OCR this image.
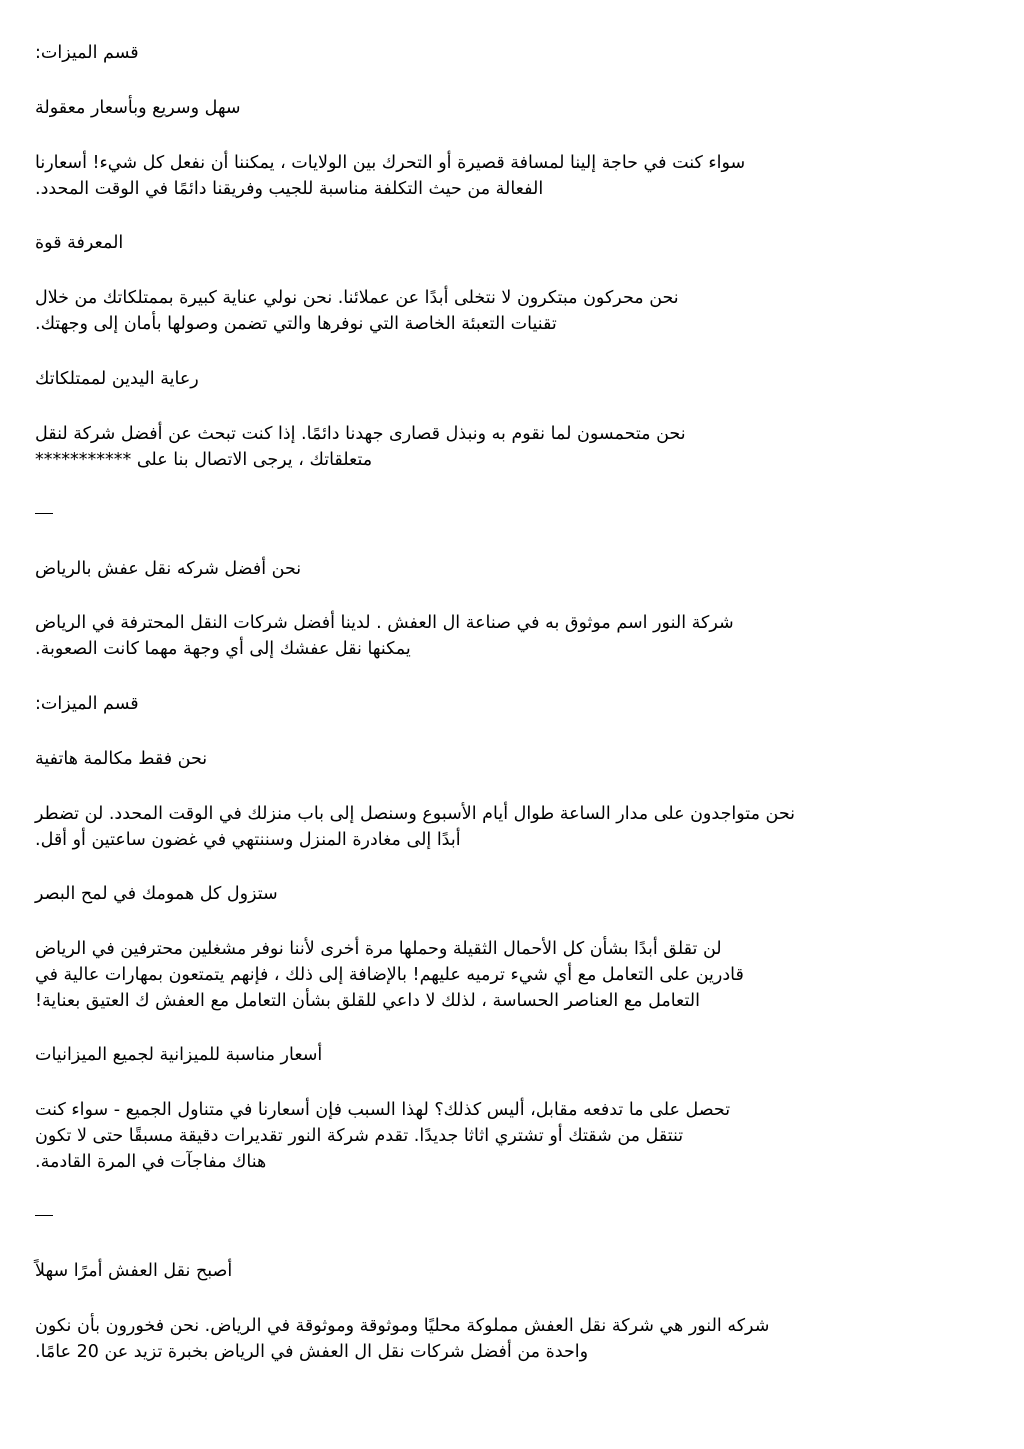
قسم الميزات:
سهل وسريع وبأسعار معقولة
سواء كنت في حاجة إلينا لمسافة قصيرة أو التحرك بين الولايات ، يمكننا أن نفعل كل شيء! أسعارنا
الفعالة من حيث التكلفة مناسبة للجيب وفريقنا دائمًا في الوقت المحدد.
المعرفة قوة
نحن محركون مبتكرون لا نتخلى أبدًا عن عملائنا. نحن نولي عناية كبيرة بممتلكاتك من خلال
تقنيات التعبئة الخاصة التي نوفرها والتي تضمن وصولها بأمان إلى وجهتك.
رعاية اليدين لممتلكاتك
نحن متحمسون لما نقوم به ونبذل قصارى جهدنا دائمًا. إذا كنت تبحث عن أفضل شركة لنقل
متعلقاتك ، يرجى الاتصال بنا على ***********
نحن أفضل شركه نقل عفش بالرياض
شركة النور اسم موثوق به في صناعة ال العفش . لدينا أفضل شركات النقل المحترفة في الرياض
يمكنها نقل عفشك إلى أي وجهة مهما كانت الصعوبة.
قسم الميزات:
نحن فقط مكالمة هاتفية
نحن متواجدون على مدار الساعة طوال أيام الأسبوع وسنصل إلى باب منزلك في الوقت المحدد. لن تضطر
أبدًا إلى مغادرة المنزل وسننتهي في غضون ساعتين أو أقل.
ستزول كل همومك في لمح البصر
لن تقلق أبدًا بشأن كل الأحمال الثقيلة وحملها مرة أخرى لأننا نوفر مشغلين محترفين في الرياض
قادرين على التعامل مع أي شيء ترميه عليهم! بالإضافة إلى ذلك ، فإنهم يتمتعون بمهارات عالية في
التعامل مع العناصر الحساسة ، لذلك لا داعي للقلق بشأن التعامل مع العفش ك العتيق بعناية!
أسعار مناسبة للميزانية لجميع الميزانيات
تحصل على ما تدفعه مقابل، أليس كذلك؟ لهذا السبب فإن أسعارنا في متناول الجميع - سواء كنت
تنتقل من شقتك أو تشتري اثاثا جديدًا. تقدم شركة النور تقديرات دقيقة مسبقًا حتى لا تكون
هناك مفاجآت في المرة القادمة.
أصبح نقل العفش أمرًا سهلاً
شركه النور هي شركة نقل العفش مملوكة محليًا وموثوقة وموثوقة في الرياض. نحن فخورون بأن نكون
واحدة من أفضل شركات نقل ال العفش في الرياض بخبرة تزيد عن 20 عامًا.
